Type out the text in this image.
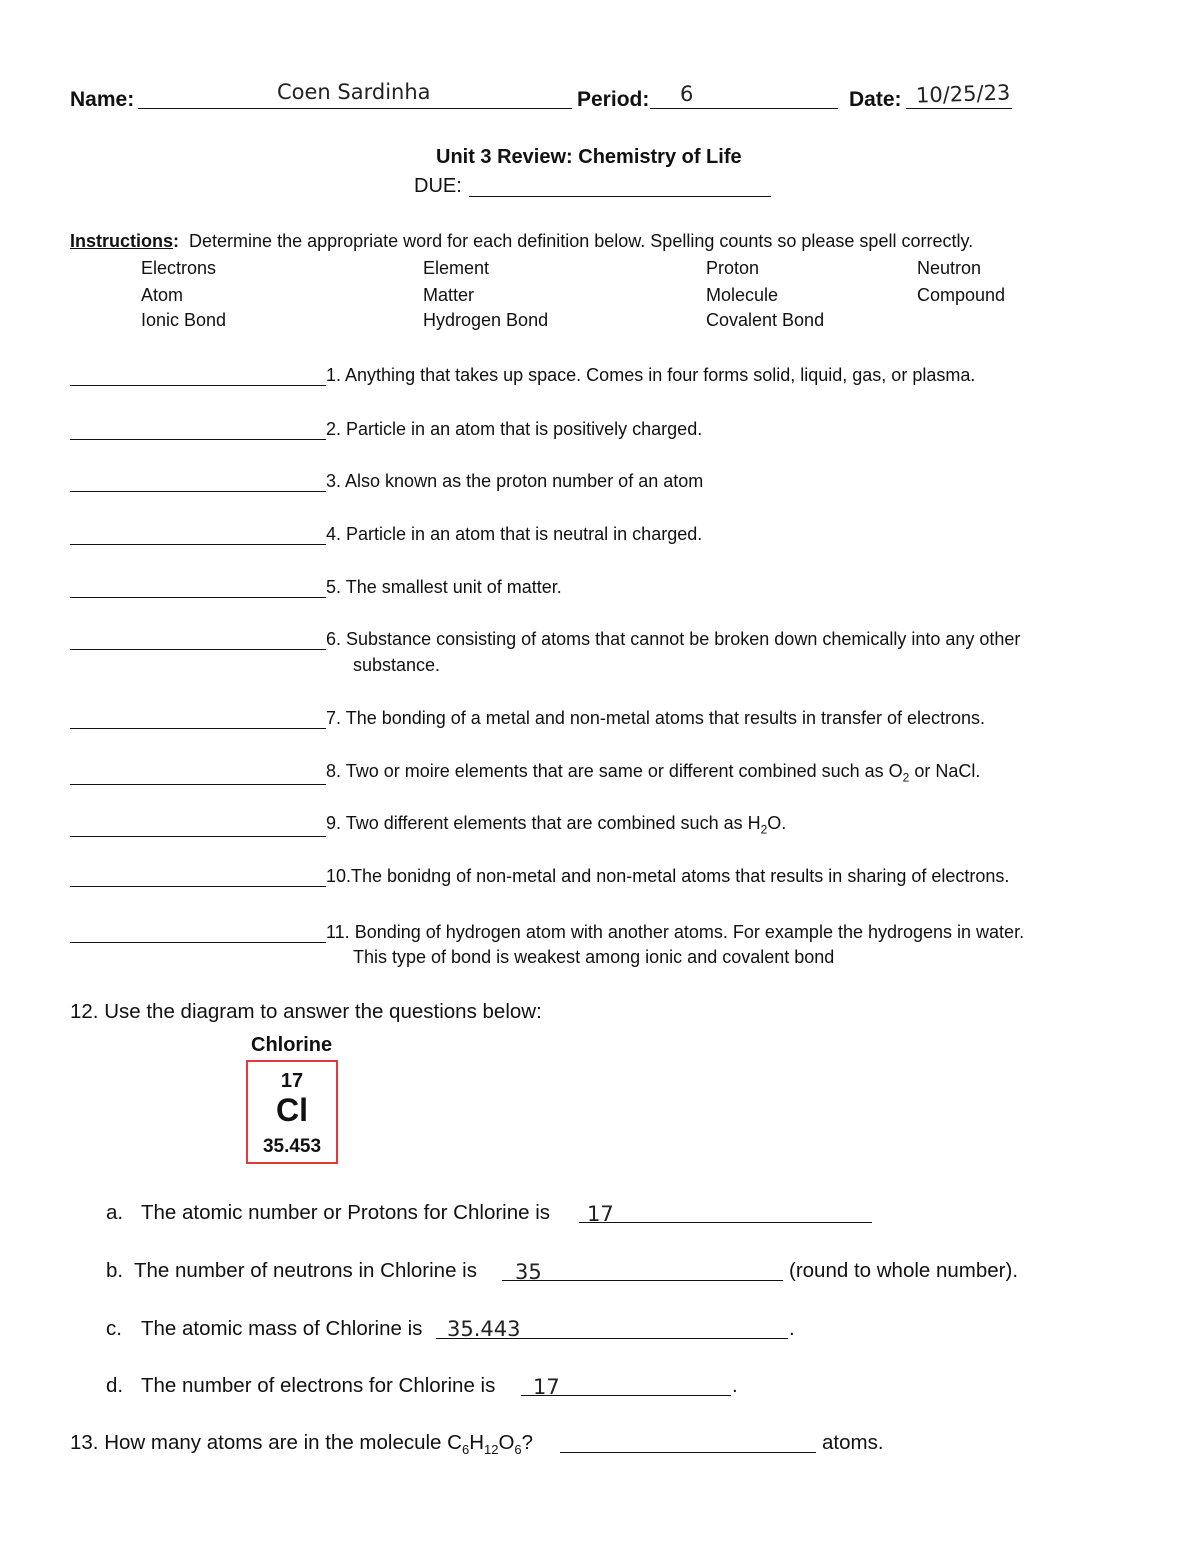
Name:	Coen Sardinha	Period: 6	Date: 10/25/23
Unit 3 Review: Chemistry of Life
DUE:
Instructions: Determine the appropriate word for each definition below. Spelling counts so please spell correctly.
Electrons
Atom
Ionic Bond
Element
Matter
Hydrogen Bond
Proton
Molecule
Covalent Bond
Neutron
Compound
1. Anything that takes up space. Comes in four forms solid, liquid, gas, or plasma.
2. Particle in an atom that is positively charged.
3. Also known as the proton number of an atom
4. Particle in an atom that is neutral in charged.
5. The smallest unit of matter.
6. Substance consisting of atoms that cannot be broken down chemically into any other
substance.
7. The bonding of a metal and non-metal atoms that results in transfer of electrons.
8. Two or moire elements that are same or different combined such as $O_2$ or NaCl.
9. Two different elements that are combined such as $H_2O$.
10.The bonidng of non-metal and non-metal atoms that results in sharing of electrons.
11. Bonding of hydrogen atom with another atoms. For example the hydrogens in water.
This type of bond is weakest among ionic and covalent bond
12. Use the diagram to answer the questions below:
Chlorine
17
Cl
35.453
a. The atomic number or Protons for Chlorine is 17
b. The number of neutrons in Chlorine is 35	(round to whole number).
c. The atomic mass of Chlorine is 35.443	.
d. The number of electrons for Chlorine is 17	.
13. How many atoms are in the molecule $C_6H_{12}O_6$?	atoms.
